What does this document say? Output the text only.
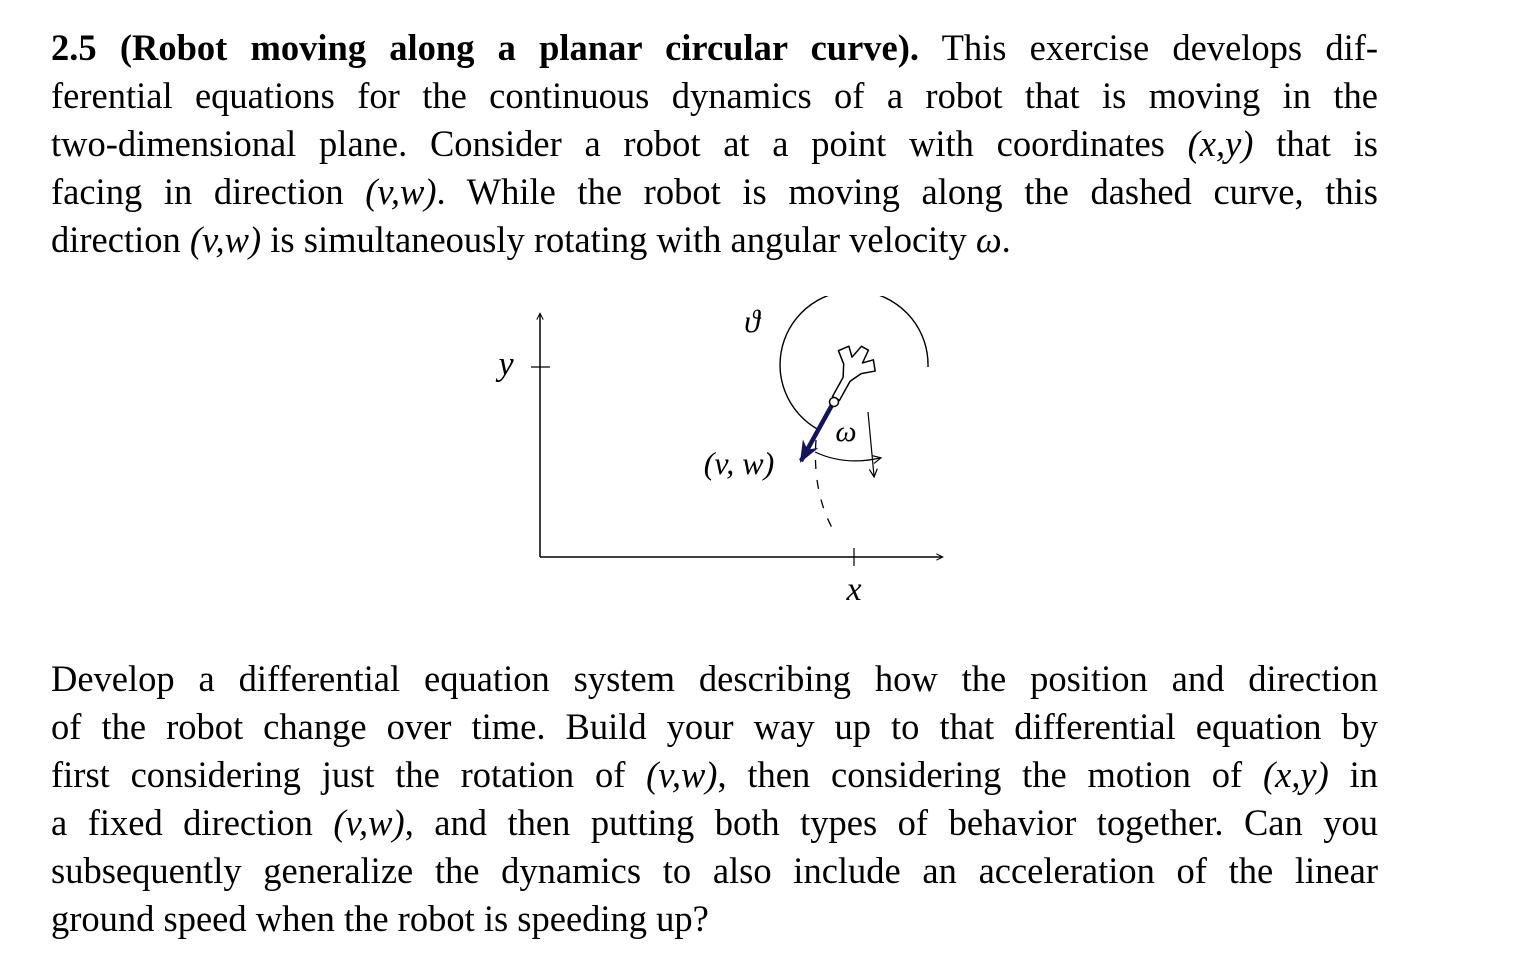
2.5 (Robot moving along a planar circular curve). This exercise develops dif-
ferential equations for the continuous dynamics of a robot that is moving in the
two-dimensional plane. Consider a robot at a point with coordinates (x,y) that is
facing in direction (v,w). While the robot is moving along the dashed curve, this
direction (v,w) is simultaneously rotating with angular velocity ω.

y
x
ϑ
ω
(v, w)

Develop a differential equation system describing how the position and direction
of the robot change over time. Build your way up to that differential equation by
first considering just the rotation of (v,w), then considering the motion of (x,y) in
a fixed direction (v,w), and then putting both types of behavior together. Can you
subsequently generalize the dynamics to also include an acceleration of the linear
ground speed when the robot is speeding up?
